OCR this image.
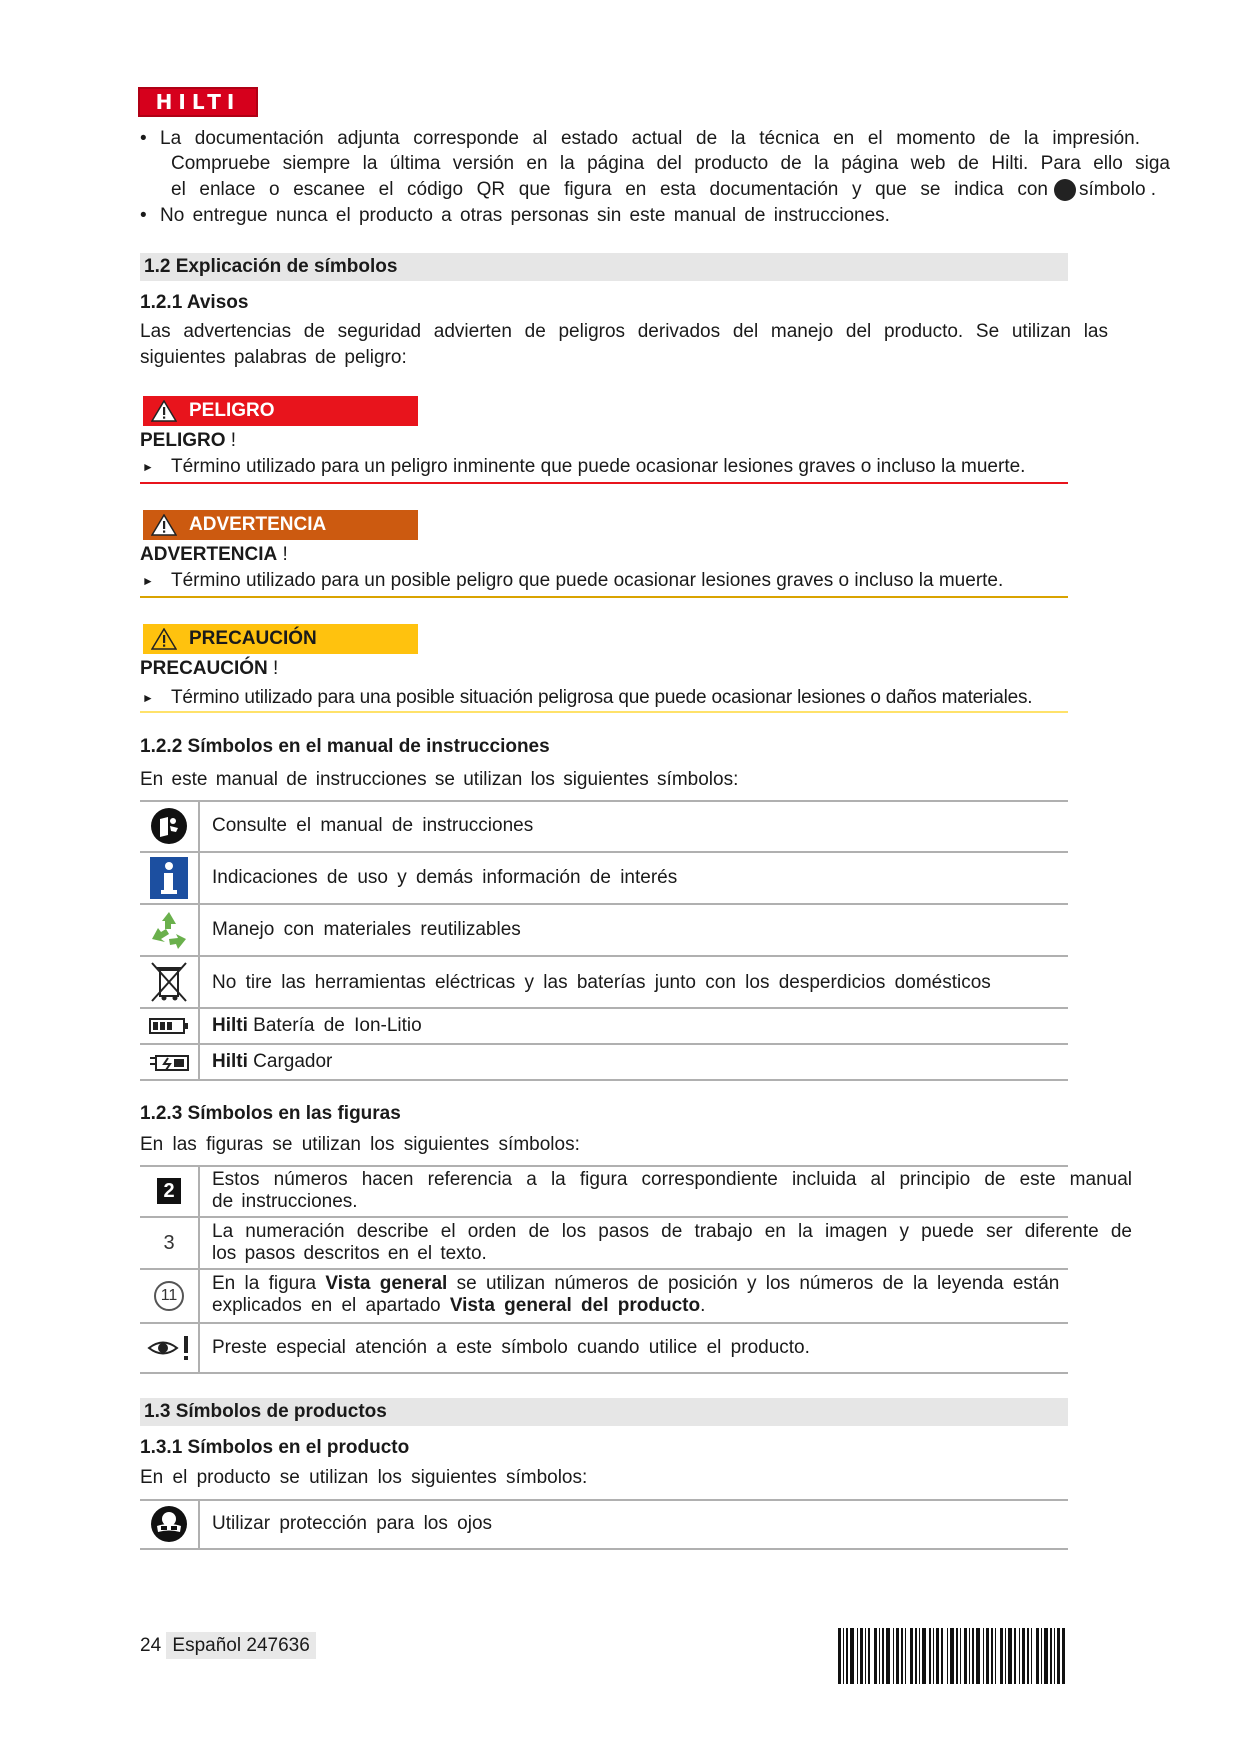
HILTI
• La documentación adjunta corresponde al estado actual de la técnica en el momento de la impresión.
Compruebe siempre la última versión en la página del producto de la página web de Hilti. Para ello siga
el enlace o escanee el código QR que figura en esta documentación y que se indica con símbolo .
• No entregue nunca el producto a otras personas sin este manual de instrucciones.
1.2 Explicación de símbolos
1.2.1 Avisos
Las advertencias de seguridad advierten de peligros derivados del manejo del producto. Se utilizan las
siguientes palabras de peligro:
PELIGRO
PELIGRO !
► Término utilizado para un peligro inminente que puede ocasionar lesiones graves o incluso la muerte.
ADVERTENCIA
ADVERTENCIA !
► Término utilizado para un posible peligro que puede ocasionar lesiones graves o incluso la muerte.
PRECAUCIÓN
PRECAUCIÓN !
► Término utilizado para una posible situación peligrosa que puede ocasionar lesiones o daños materiales.
1.2.2 Símbolos en el manual de instrucciones
En este manual de instrucciones se utilizan los siguientes símbolos:
Consulte el manual de instrucciones
Indicaciones de uso y demás información de interés
Manejo con materiales reutilizables
No tire las herramientas eléctricas y las baterías junto con los desperdicios domésticos
Hilti Batería de Ion-Litio
Hilti Cargador
1.2.3 Símbolos en las figuras
En las figuras se utilizan los siguientes símbolos:
2
Estos números hacen referencia a la figura correspondiente incluida al principio de este manual
de instrucciones.
3 La numeración describe el orden de los pasos de trabajo en la imagen y puede ser diferente de
los pasos descritos en el texto.
11
En la figura Vista general se utilizan números de posición y los números de la leyenda están
explicados en el apartado Vista general del producto.
Preste especial atención a este símbolo cuando utilice el producto.
1.3 Símbolos de productos
1.3.1 Símbolos en el producto
En el producto se utilizan los siguientes símbolos:
Utilizar protección para los ojos
24 Español 247636
